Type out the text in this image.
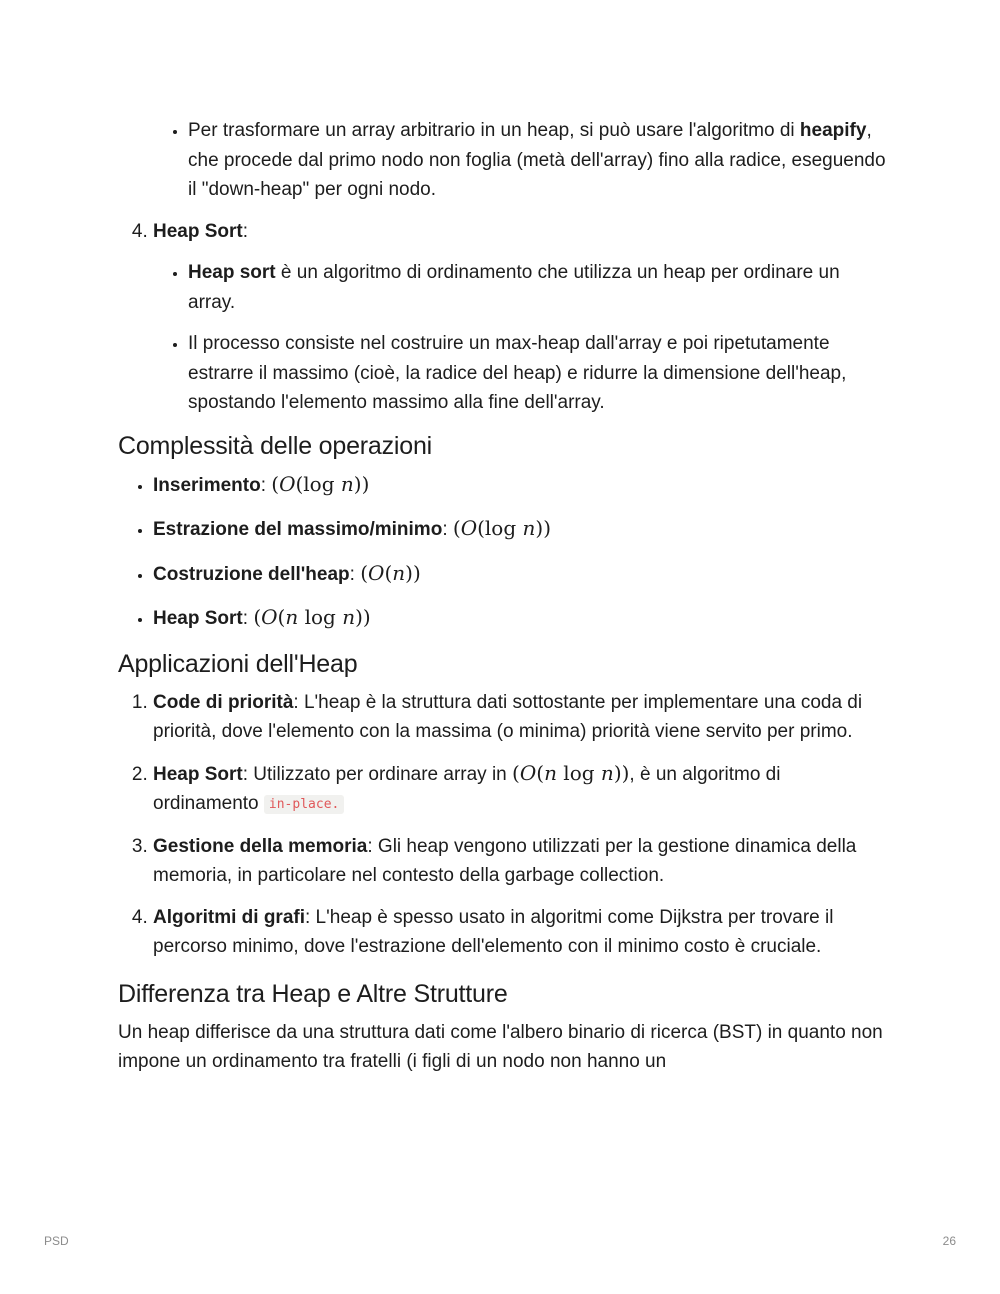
• Per trasformare un array arbitrario in un heap, si può usare l'algoritmo di heapify, che procede dal primo nodo non foglia (metà dell'array) fino alla radice, eseguendo il "down-heap" per ogni nodo.

4. Heap Sort:

• Heap sort è un algoritmo di ordinamento che utilizza un heap per ordinare un array.
• Il processo consiste nel costruire un max-heap dall'array e poi ripetutamente estrarre il massimo (cioè, la radice del heap) e ridurre la dimensione dell'heap, spostando l'elemento massimo alla fine dell'array.
Complessità delle operazioni
• Inserimento: (O(log n))
• Estrazione del massimo/minimo: (O(log n))
• Costruzione dell'heap: (O(n))
• Heap Sort: (O(n log n))
Applicazioni dell'Heap
1. Code di priorità: L'heap è la struttura dati sottostante per implementare una coda di priorità, dove l'elemento con la massima (o minima) priorità viene servito per primo.
2. Heap Sort: Utilizzato per ordinare array in (O(n log n)), è un algoritmo di ordinamento in-place.
3. Gestione della memoria: Gli heap vengono utilizzati per la gestione dinamica della memoria, in particolare nel contesto della garbage collection.
4. Algoritmi di grafi: L'heap è spesso usato in algoritmi come Dijkstra per trovare il percorso minimo, dove l'estrazione dell'elemento con il minimo costo è cruciale.
Differenza tra Heap e Altre Strutture

Un heap differisce da una struttura dati come l'albero binario di ricerca (BST) in quanto non impone un ordinamento tra fratelli (i figli di un nodo non hanno un

PSD	26
